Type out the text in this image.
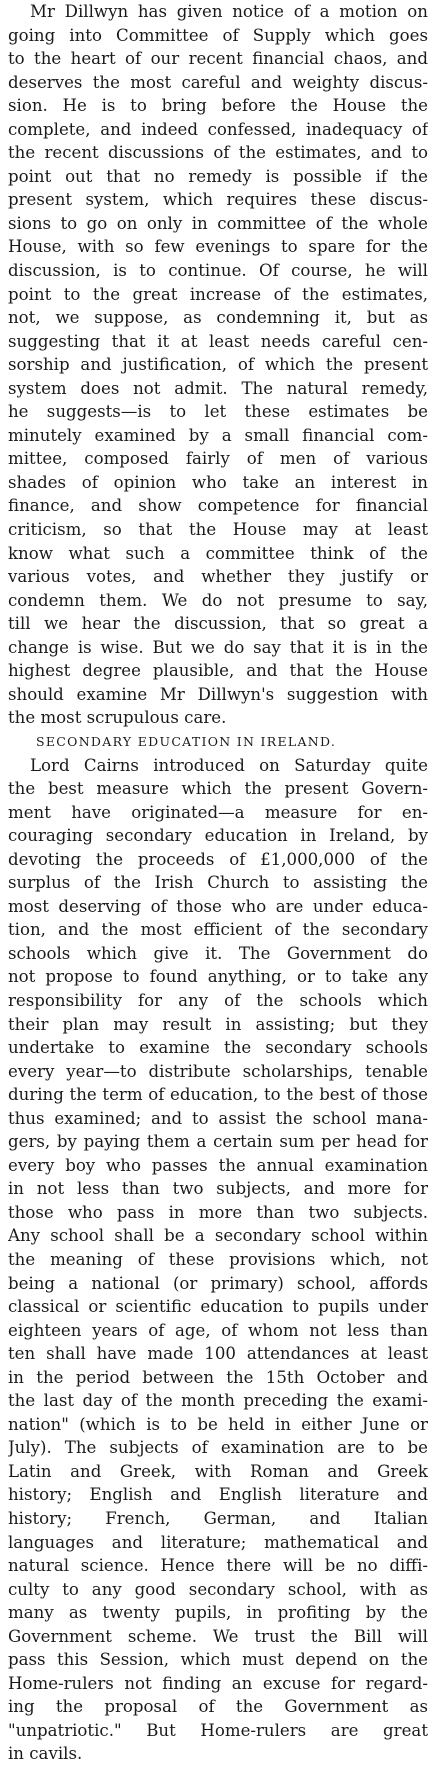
Mr Dillwyn has given notice of a motion on
going into Committee of Supply which goes
to the heart of our recent financial chaos, and
deserves the most careful and weighty discus-
sion. He is to bring before the House the
complete, and indeed confessed, inadequacy of
the recent discussions of the estimates, and to
point out that no remedy is possible if the
present system, which requires these discus-
sions to go on only in committee of the whole
House, with so few evenings to spare for the
discussion, is to continue. Of course, he will
point to the great increase of the estimates,
not, we suppose, as condemning it, but as
suggesting that it at least needs careful cen-
sorship and justification, of which the present
system does not admit. The natural remedy,
he suggests—is to let these estimates be
minutely examined by a small financial com-
mittee, composed fairly of men of various
shades of opinion who take an interest in
finance, and show competence for financial
criticism, so that the House may at least
know what such a committee think of the
various votes, and whether they justify or
condemn them. We do not presume to say,
till we hear the discussion, that so great a
change is wise. But we do say that it is in the
highest degree plausible, and that the House
should examine Mr Dillwyn's suggestion with
the most scrupulous care.
SECONDARY EDUCATION IN IRELAND.
Lord Cairns introduced on Saturday quite
the best measure which the present Govern-
ment have originated—a measure for en-
couraging secondary education in Ireland, by
devoting the proceeds of £1,000,000 of the
surplus of the Irish Church to assisting the
most deserving of those who are under educa-
tion, and the most efficient of the secondary
schools which give it. The Government do
not propose to found anything, or to take any
responsibility for any of the schools which
their plan may result in assisting; but they
undertake to examine the secondary schools
every year—to distribute scholarships, tenable
during the term of education, to the best of those
thus examined; and to assist the school mana-
gers, by paying them a certain sum per head for
every boy who passes the annual examination
in not less than two subjects, and more for
those who pass in more than two subjects.
Any school shall be a secondary school within
the meaning of these provisions which, not
being a national (or primary) school, affords
classical or scientific education to pupils under
eighteen years of age, of whom not less than
ten shall have made 100 attendances at least
in the period between the 15th October and
the last day of the month preceding the exami-
nation" (which is to be held in either June or
July). The subjects of examination are to be
Latin and Greek, with Roman and Greek
history; English and English literature and
history; French, German, and Italian
languages and literature; mathematical and
natural science. Hence there will be no diffi-
culty to any good secondary school, with as
many as twenty pupils, in profiting by the
Government scheme. We trust the Bill will
pass this Session, which must depend on the
Home-rulers not finding an excuse for regard-
ing the proposal of the Government as
"unpatriotic." But Home-rulers are great
in cavils.
